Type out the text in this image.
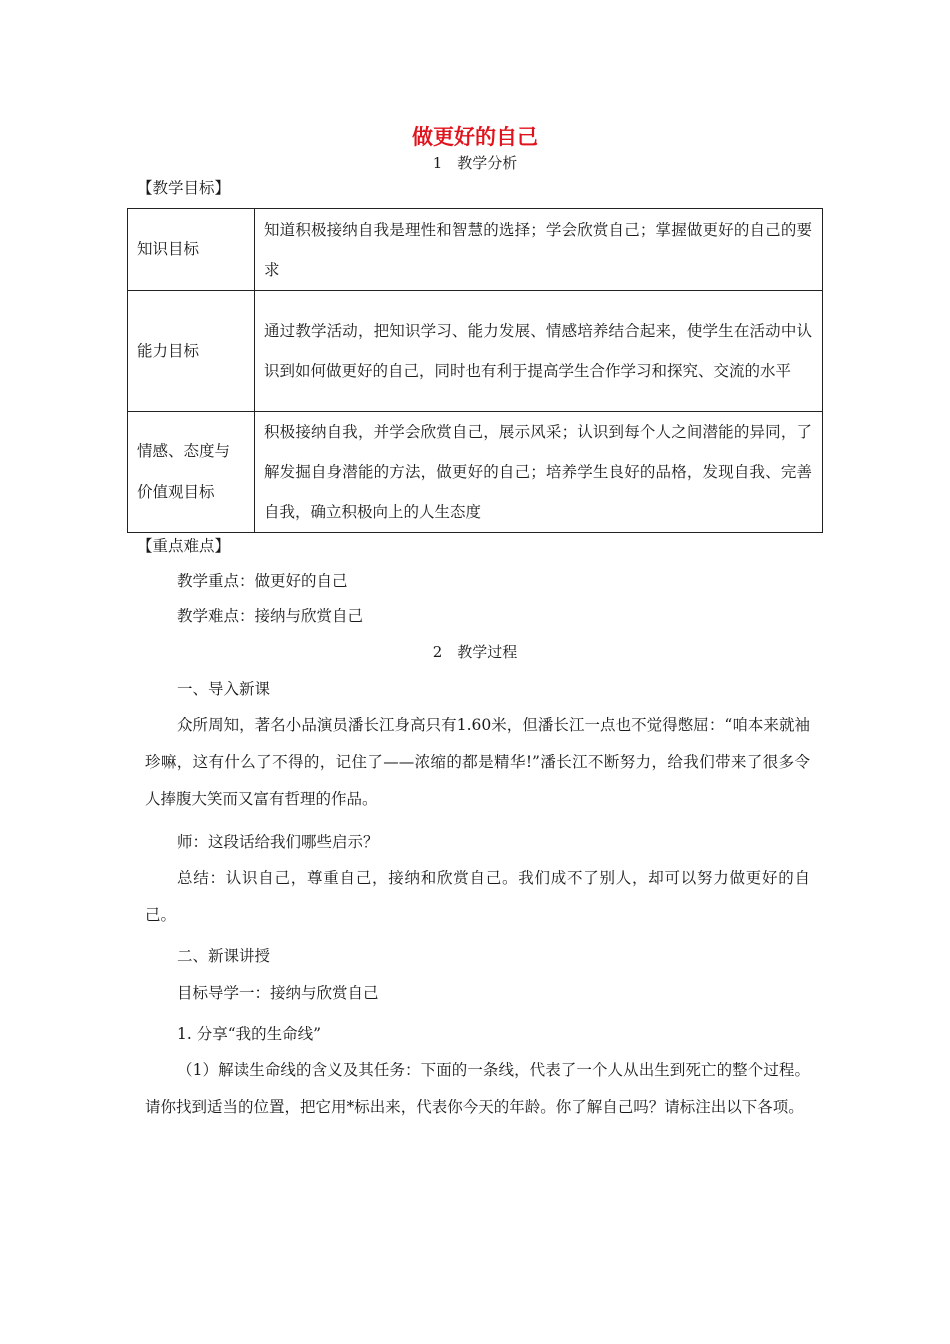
做更好的自己
1　教学分析
【教学目标】
知识目标	知道积极接纳自我是理性和智慧的选择；学会欣赏自己；掌握做更好的自己的要求
能力目标	通过教学活动，把知识学习、能力发展、情感培养结合起来，使学生在活动中认识到如何做更好的自己，同时也有利于提高学生合作学习和探究、交流的水平
情感、态度与
价值观目标	积极接纳自我，并学会欣赏自己，展示风采；认识到每个人之间潜能的异同，了解发掘自身潜能的方法，做更好的自己；培养学生良好的品格，发现自我、完善自我，确立积极向上的人生态度
【重点难点】
教学重点：做更好的自己
教学难点：接纳与欣赏自己
2　教学过程
一、导入新课
众所周知，著名小品演员潘长江身高只有1.60米，但潘长江一点也不觉得憋屈：“咱本来就袖珍嘛，这有什么了不得的，记住了——浓缩的都是精华!”潘长江不断努力，给我们带来了很多令人捧腹大笑而又富有哲理的作品。
师：这段话给我们哪些启示？
总结：认识自己，尊重自己，接纳和欣赏自己。我们成不了别人，却可以努力做更好的自己。
二、新课讲授
目标导学一：接纳与欣赏自己
1. 分享“我的生命线”
（1）解读生命线的含义及其任务：下面的一条线，代表了一个人从出生到死亡的整个过程。请你找到适当的位置，把它用*标出来，代表你今天的年龄。你了解自己吗？请标注出以下各项。
